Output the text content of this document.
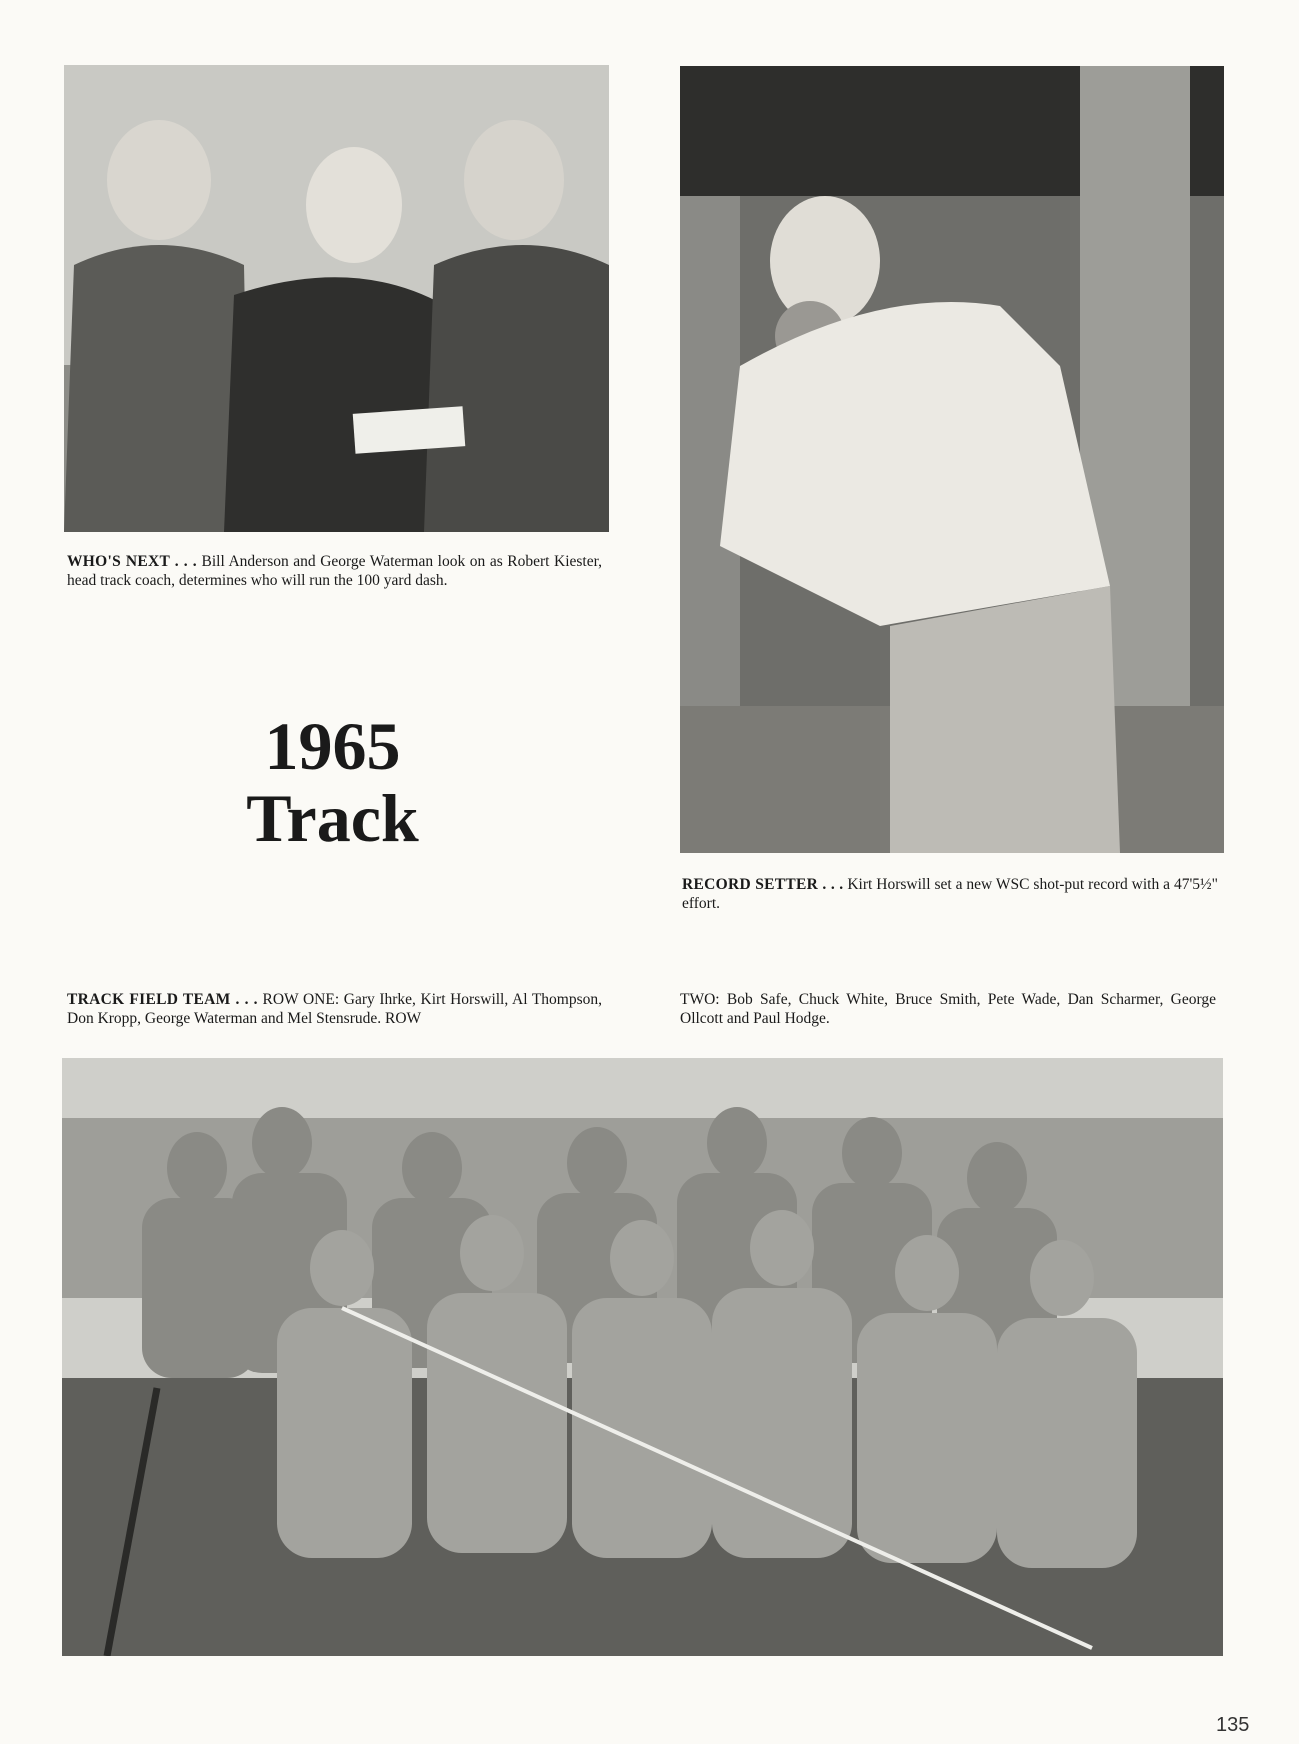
WHO'S NEXT . . . Bill Anderson and George Waterman look on as Robert Kiester, head track coach, determines who will run the 100 yard dash.
1965
Track
RECORD SETTER . . . Kirt Horswill set a new WSC shot-put record with a 47'5½" effort.
TRACK FIELD TEAM . . . ROW ONE: Gary Ihrke, Kirt Horswill, Al Thompson, Don Kropp, George Waterman and Mel Stensrude. ROW
TWO: Bob Safe, Chuck White, Bruce Smith, Pete Wade, Dan Scharmer, George Ollcott and Paul Hodge.
135
